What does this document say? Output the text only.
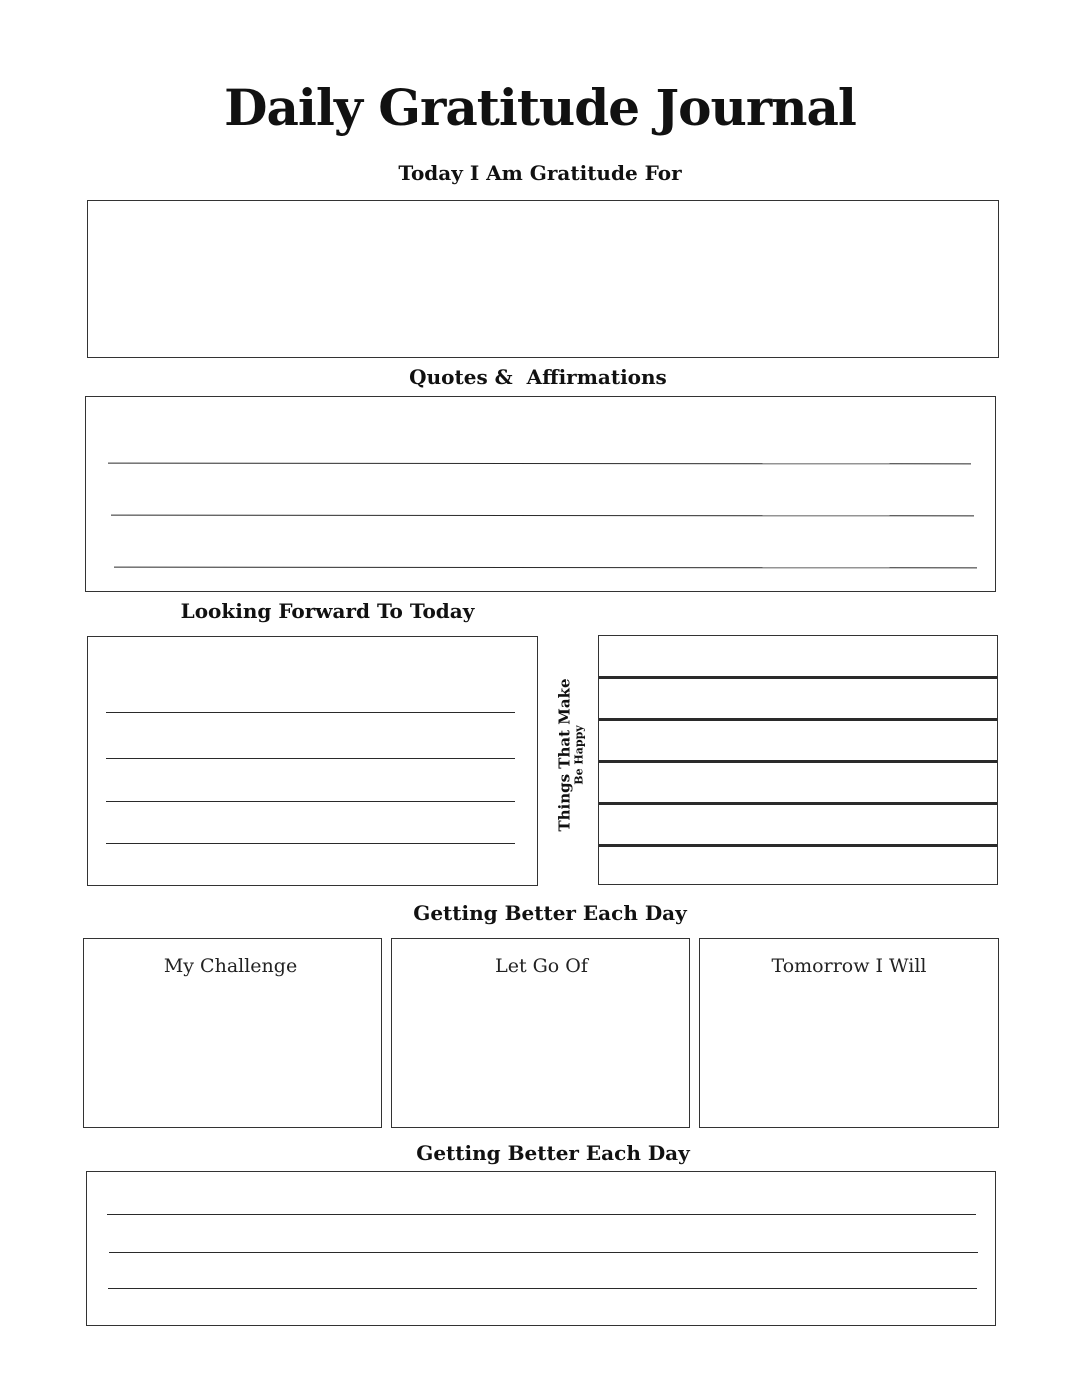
Daily Gratitude Journal
Today I Am Gratitude For
Quotes &  Affirmations
Looking Forward To Today
Things That Make
Be Happy
Getting Better Each Day
My Challenge	Let Go Of	Tomorrow I Will
Getting Better Each Day
